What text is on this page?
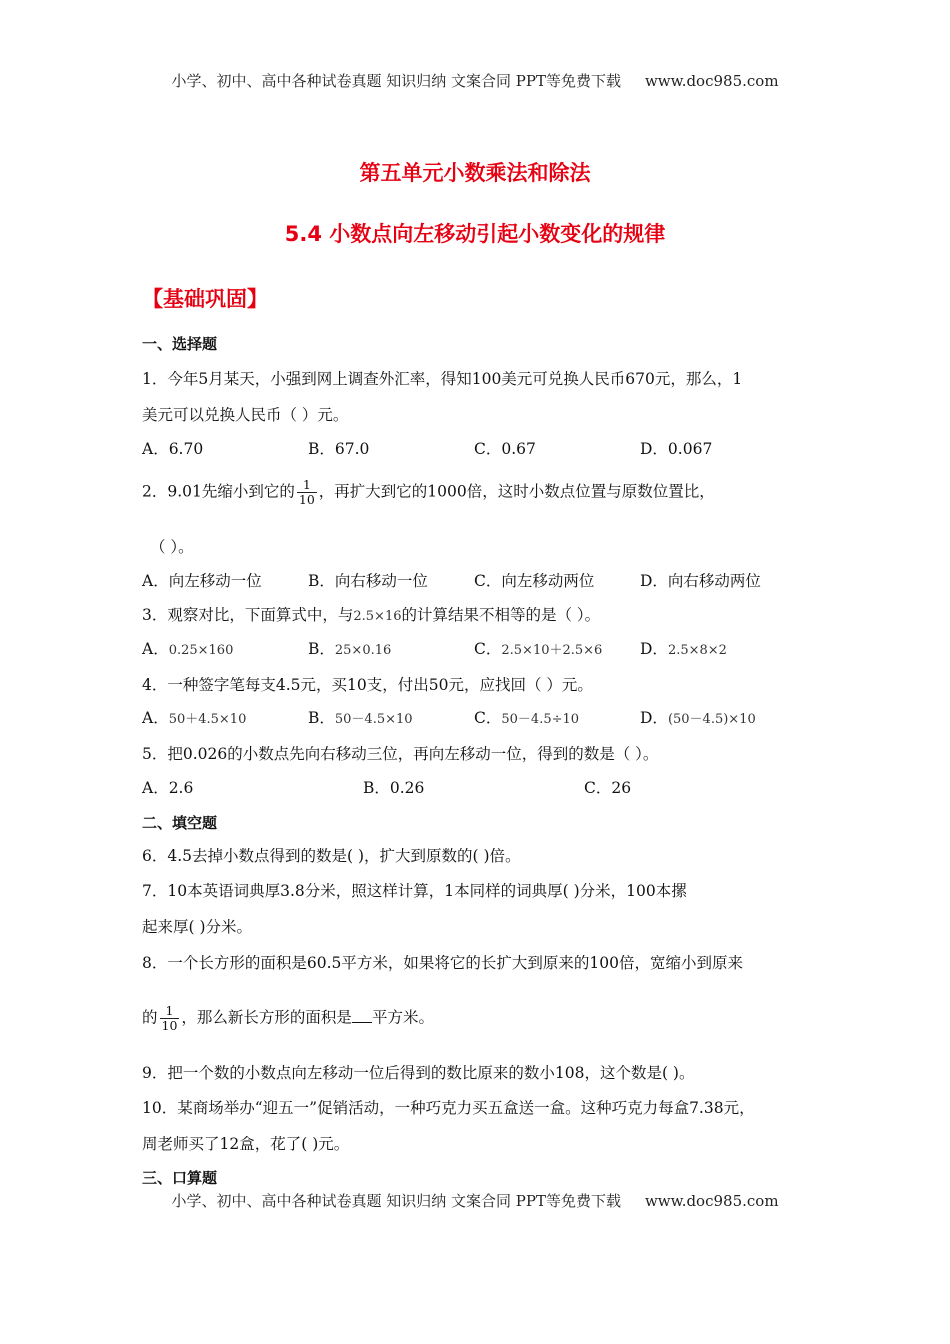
小学、初中、高中各种试卷真题 知识归纳 文案合同 PPT等免费下载 www.doc985.com
第五单元小数乘法和除法
5.4 小数点向左移动引起小数变化的规律
【基础巩固】
一、选择题
1．今年5月某天，小强到网上调查外汇率，得知100美元可兑换人民币670元，那么，1
美元可以兑换人民币（ ）元。
A．6.70	B．67.0	C．0.67	D．0.067
2．9.01先缩小到它的 $\frac{1}{10}$ ，再扩大到它的1000倍，这时小数点位置与原数位置比，
（ ）。
A．向左移动一位	B．向右移动一位	C．向左移动两位	D．向右移动两位
3．观察对比，下面算式中，与2.5×16的计算结果不相等的是（ ）。
A．0.25×160	B．25×0.16	C．2.5×10＋2.5×6 D．2.5×8×2
4．一种签字笔每支4.5元，买10支，付出50元，应找回（ ）元。
A．50＋4.5×10	B．50－4.5×10	C．50－4.5÷10	D．(50－4.5)×10
5．把0.026的小数点先向右移动三位，再向左移动一位，得到的数是（ ）。
A．2.6	B．0.26	C．26
二、填空题
6．4.5去掉小数点得到的数是( )，扩大到原数的( )倍。
7．10本英语词典厚3.8分米，照这样计算，1本同样的词典厚( )分米，100本摞
起来厚( )分米。
8．一个长方形的面积是60.5平方米，如果将它的长扩大到原来的100倍，宽缩小到原来
的 $\frac{1}{10}$ ，那么新长方形的面积是 平方米。
9．把一个数的小数点向左移动一位后得到的数比原来的数小108，这个数是( )。
10．某商场举办“迎五一”促销活动，一种巧克力买五盒送一盒。这种巧克力每盒7.38元，
周老师买了12盒，花了( )元。
三、口算题
小学、初中、高中各种试卷真题 知识归纳 文案合同 PPT等免费下载 www.doc985.com
